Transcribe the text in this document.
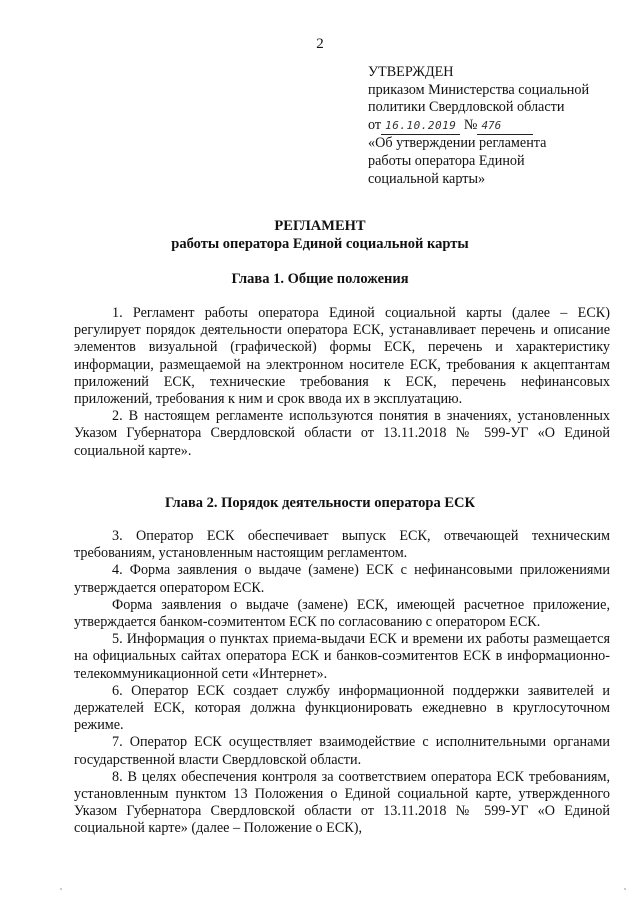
2
УТВЕРЖДЕН
приказом Министерства социальной
политики Свердловской области
от 16.10.2019 № 476
«Об утверждении регламента
работы оператора Единой
социальной карты»
РЕГЛАМЕНТ
работы оператора Единой социальной карты
Глава 1. Общие положения

1. Регламент работы оператора Единой социальной карты (далее – ЕСК) регулирует порядок деятельности оператора ЕСК, устанавливает перечень и описание элементов визуальной (графической) формы ЕСК, перечень и характеристику информации, размещаемой на электронном носителе ЕСК, требования к акцептантам приложений ЕСК, технические требования к ЕСК, перечень нефинансовых приложений, требования к ним и срок ввода их в эксплуатацию.

2. В настоящем регламенте используются понятия в значениях, установленных Указом Губернатора Свердловской области от 13.11.2018 № 599-УГ «О Единой социальной карте».

Глава 2. Порядок деятельности оператора ЕСК

3. Оператор ЕСК обеспечивает выпуск ЕСК, отвечающей техническим требованиям, установленным настоящим регламентом.

4. Форма заявления о выдаче (замене) ЕСК с нефинансовыми приложениями утверждается оператором ЕСК.

Форма заявления о выдаче (замене) ЕСК, имеющей расчетное приложение, утверждается банком-соэмитентом ЕСК по согласованию с оператором ЕСК.

5. Информация о пунктах приема-выдачи ЕСК и времени их работы размещается на официальных сайтах оператора ЕСК и банков-соэмитентов ЕСК в информационно-телекоммуникационной сети «Интернет».

6. Оператор ЕСК создает службу информационной поддержки заявителей и держателей ЕСК, которая должна функционировать ежедневно в круглосуточном режиме.

7. Оператор ЕСК осуществляет взаимодействие с исполнительными органами государственной власти Свердловской области.

8. В целях обеспечения контроля за соответствием оператора ЕСК требованиям, установленным пунктом 13 Положения о Единой социальной карте, утвержденного Указом Губернатора Свердловской области от 13.11.2018 № 599-УГ «О Единой социальной карте» (далее – Положение о ЕСК),
